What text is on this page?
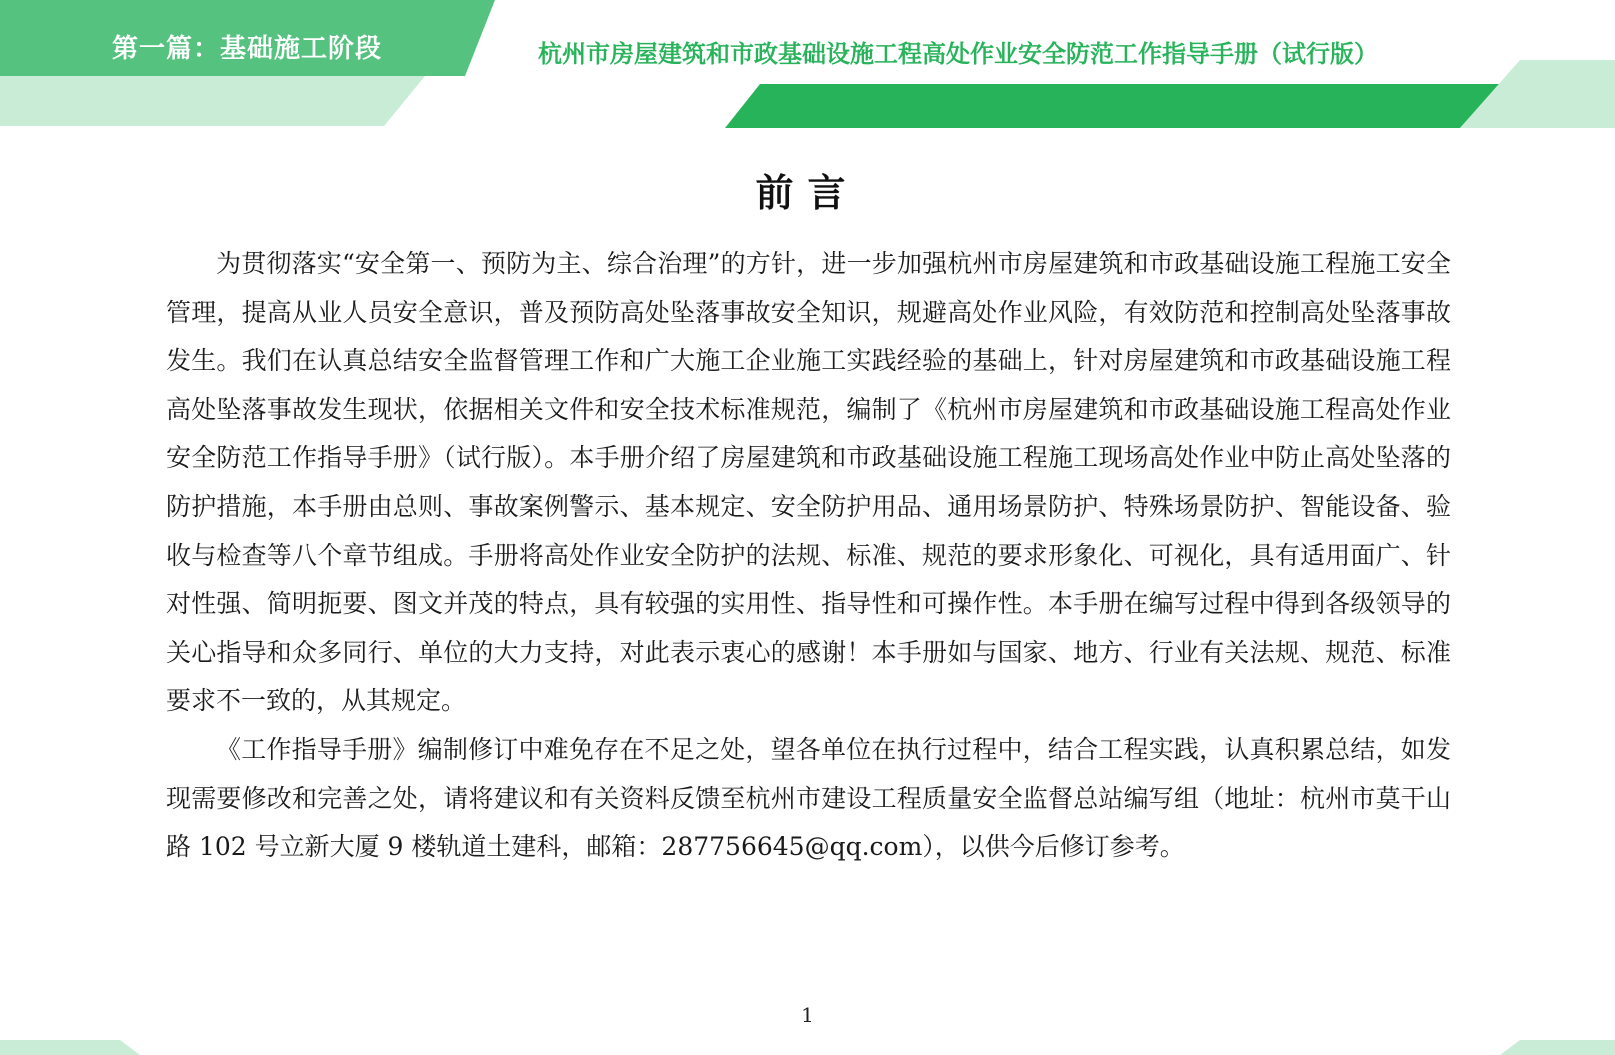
第一篇：基础施工阶段	杭州市房屋建筑和市政基础设施工程高处作业安全防范工作指导手册（试行版）
前言

为贯彻落实“安全第一、预防为主、综合治理”的方针，进一步加强杭州市房屋建筑和市政基础设施工程施工安全管理，提高从业人员安全意识，普及预防高处坠落事故安全知识，规避高处作业风险，有效防范和控制高处坠落事故发生。我们在认真总结安全监督管理工作和广大施工企业施工实践经验的基础上，针对房屋建筑和市政基础设施工程高处坠落事故发生现状，依据相关文件和安全技术标准规范，编制了《杭州市房屋建筑和市政基础设施工程高处作业安全防范工作指导手册》（试行版）。本手册介绍了房屋建筑和市政基础设施工程施工现场高处作业中防止高处坠落的防护措施，本手册由总则、事故案例警示、基本规定、安全防护用品、通用场景防护、特殊场景防护、智能设备、验收与检查等八个章节组成。手册将高处作业安全防护的法规、标准、规范的要求形象化、可视化，具有适用面广、针对性强、简明扼要、图文并茂的特点，具有较强的实用性、指导性和可操作性。本手册在编写过程中得到各级领导的关心指导和众多同行、单位的大力支持，对此表示衷心的感谢！本手册如与国家、地方、行业有关法规、规范、标准要求不一致的，从其规定。

《工作指导手册》编制修订中难免存在不足之处，望各单位在执行过程中，结合工程实践，认真积累总结，如发现需要修改和完善之处，请将建议和有关资料反馈至杭州市建设工程质量安全监督总站编写组（地址：杭州市莫干山路 102 号立新大厦 9 楼轨道土建科，邮箱：287756645@qq.com），以供今后修订参考。

1
